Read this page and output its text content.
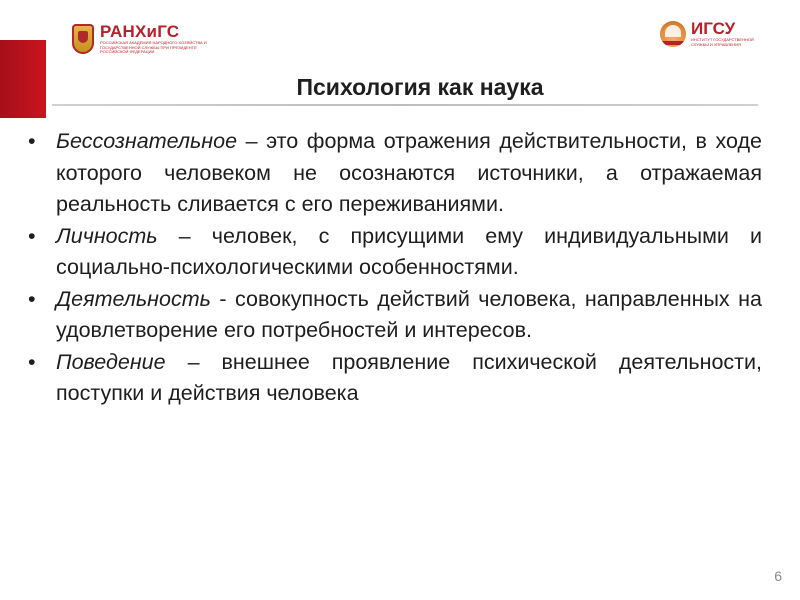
РАНХиГС
РОССИЙСКАЯ АКАДЕМИЯ НАРОДНОГО ХОЗЯЙСТВА И ГОСУДАРСТВЕННОЙ СЛУЖБЫ ПРИ ПРЕЗИДЕНТЕ РОССИЙСКОЙ ФЕДЕРАЦИИ
ИГСУ
ИНСТИТУТ ГОСУДАРСТВЕННОЙ СЛУЖБЫ И УПРАВЛЕНИЯ
Психология как наука
• Бессознательное – это форма отражения действительности, в ходе которого человеком не осознаются источники, а отражаемая реальность сливается с его переживаниями.
• Личность – человек, с присущими ему индивидуальными и социально-психологическими особенностями.
• Деятельность - совокупность действий человека, направленных на удовлетворение его потребностей и интересов.
• Поведение – внешнее проявление психической деятельности, поступки и действия человека
6
